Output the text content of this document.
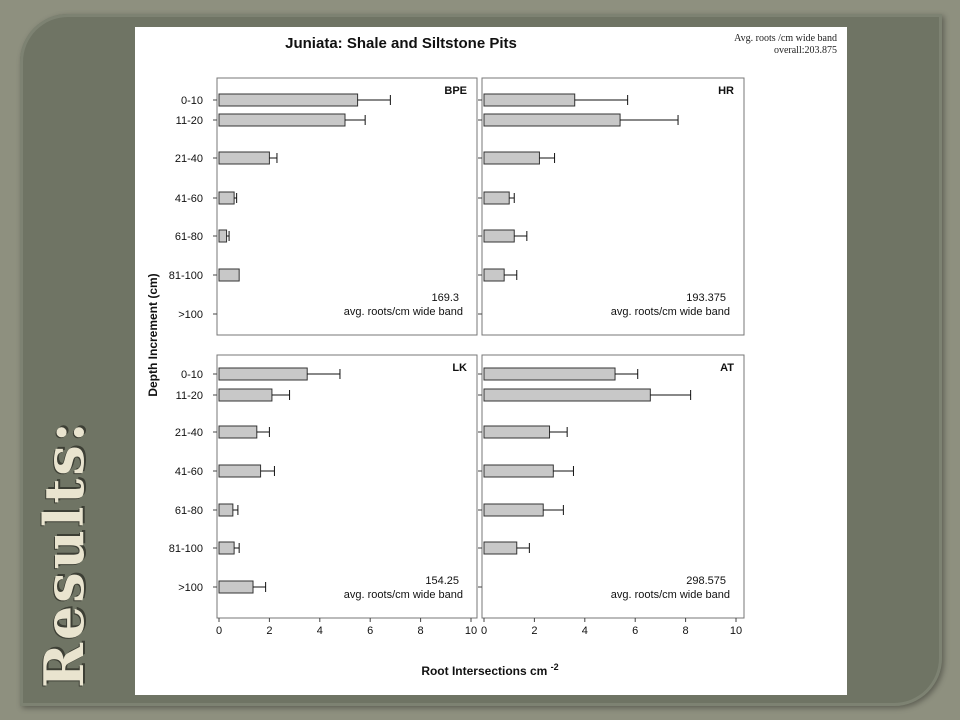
Results:
Juniata: Shale and Siltstone Pits
BPE
169.3
avg. roots/cm wide band
HR
193.375
avg. roots/cm wide band
LK
154.25
avg. roots/cm wide band
0	2	4	6	8	10
AT
298.575
avg. roots/cm wide band
0	2	4	6	8	10
0-10
11-20
21-40
41-60
61-80
81-100
>100
0-10
11-20
21-40
41-60
61-80
81-100
>100
Depth Increment (cm)
Root Intersections cm $^{-2}$
Avg. roots /cm wide band
overall:203.875
